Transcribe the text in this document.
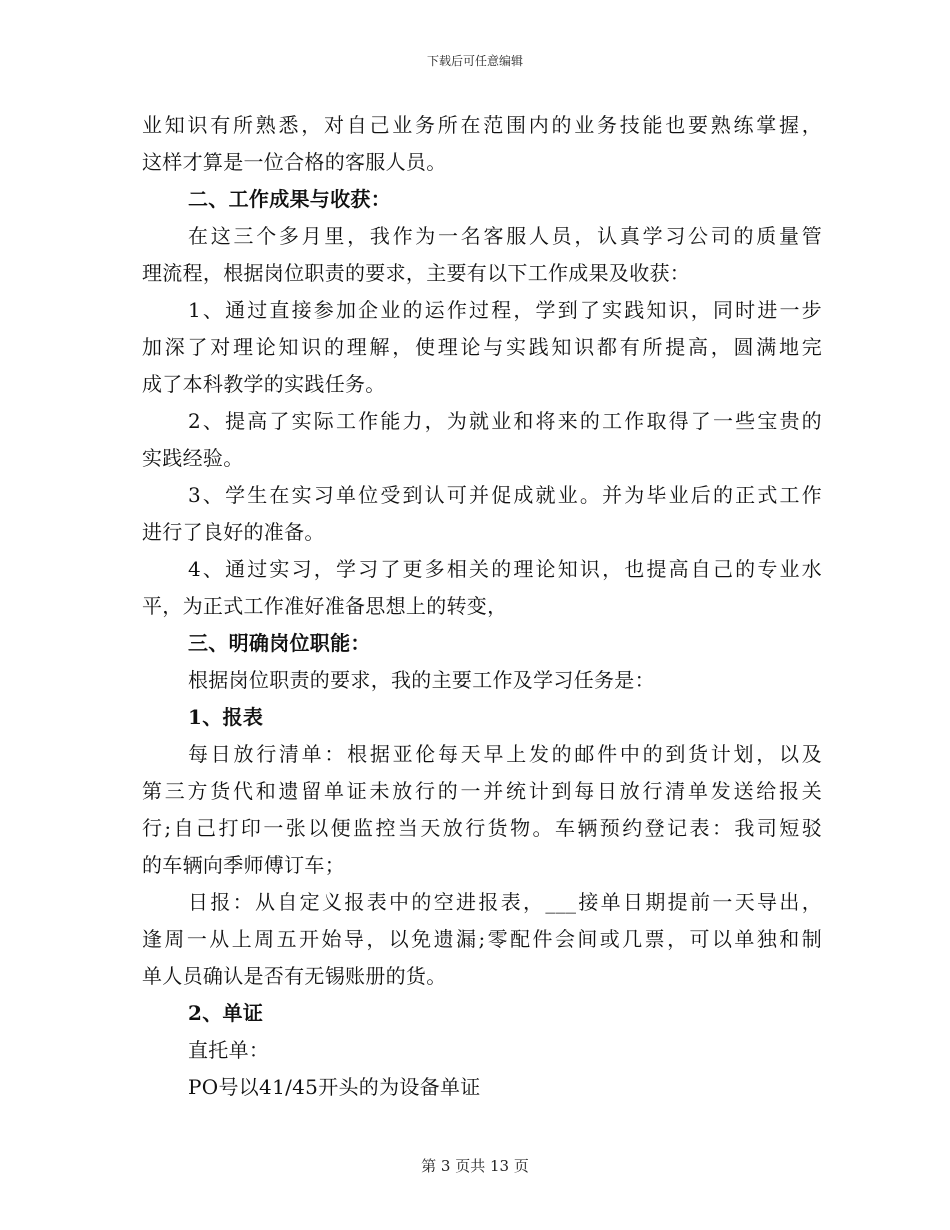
下载后可任意编辑
业知识有所熟悉，对自己业务所在范围内的业务技能也要熟练掌握，
这样才算是一位合格的客服人员。
二、工作成果与收获：
在这三个多月里，我作为一名客服人员，认真学习公司的质量管
理流程，根据岗位职责的要求，主要有以下工作成果及收获：
1、通过直接参加企业的运作过程，学到了实践知识，同时进一步
加深了对理论知识的理解，使理论与实践知识都有所提高，圆满地完
成了本科教学的实践任务。
2、提高了实际工作能力，为就业和将来的工作取得了一些宝贵的
实践经验。
3、学生在实习单位受到认可并促成就业。并为毕业后的正式工作
进行了良好的准备。
4、通过实习，学习了更多相关的理论知识，也提高自己的专业水
平，为正式工作准好准备思想上的转变，
三、明确岗位职能：
根据岗位职责的要求，我的主要工作及学习任务是：
1、报表
每日放行清单：根据亚伦每天早上发的邮件中的到货计划，以及
第三方货代和遗留单证未放行的一并统计到每日放行清单发送给报关
行;自己打印一张以便监控当天放行货物。车辆预约登记表：我司短驳
的车辆向季师傅订车；
日报：从自定义报表中的空进报表，___接单日期提前一天导出，
逢周一从上周五开始导，以免遗漏;零配件会间或几票，可以单独和制
单人员确认是否有无锡账册的货。
2、单证
直托单：
PO号以41/45开头的为设备单证
第 3 页共 13 页
